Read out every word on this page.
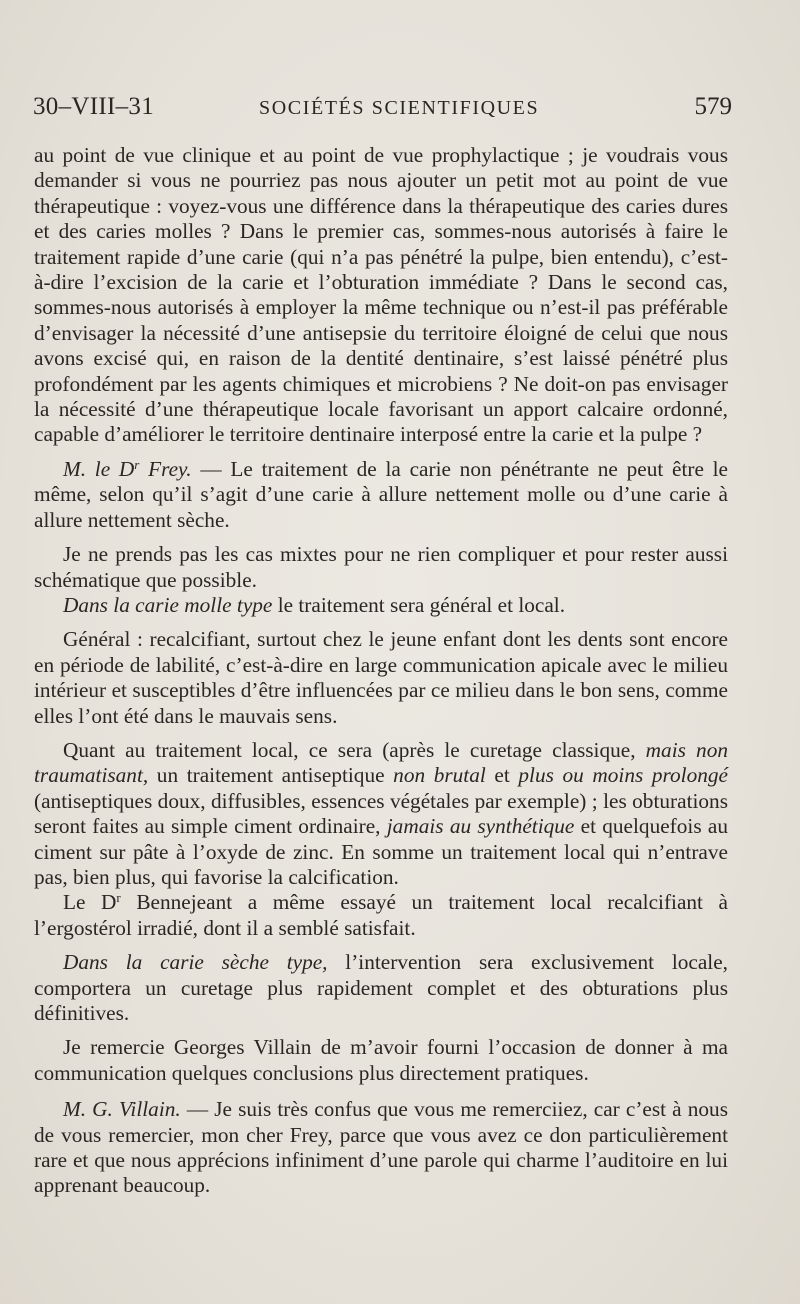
30–VIII–31	SOCIÉTÉS SCIENTIFIQUES	579

au point de vue clinique et au point de vue prophylactique ; je voudrais vous demander si vous ne pourriez pas nous ajouter un petit mot au point de vue thérapeutique : voyez-vous une différence dans la thérapeutique des caries dures et des caries molles ? Dans le premier cas, sommes-nous autorisés à faire le traitement rapide d’une carie (qui n’a pas pénétré la pulpe, bien entendu), c’est-à-dire l’excision de la carie et l’obturation immédiate ? Dans le second cas, sommes-nous autorisés à employer la même technique ou n’est-il pas préférable d’envisager la nécessité d’une antisepsie du territoire éloigné de celui que nous avons excisé qui, en raison de la dentité dentinaire, s’est laissé pénétré plus profondément par les agents chimiques et microbiens ? Ne doit-on pas envisager la nécessité d’une thérapeutique locale favorisant un apport calcaire ordonné, capable d’améliorer le territoire dentinaire interposé entre la carie et la pulpe ?

M. le $D^r$ Frey. — Le traitement de la carie non pénétrante ne peut être le même, selon qu’il s’agit d’une carie à allure nettement molle ou d’une carie à allure nettement sèche.

Je ne prends pas les cas mixtes pour ne rien compliquer et pour rester aussi schématique que possible.

Dans la carie molle type le traitement sera général et local.

Général : recalcifiant, surtout chez le jeune enfant dont les dents sont encore en période de labilité, c’est-à-dire en large communication apicale avec le milieu intérieur et susceptibles d’être influencées par ce milieu dans le bon sens, comme elles l’ont été dans le mauvais sens.

Quant au traitement local, ce sera (après le curetage classique, mais non traumatisant, un traitement antiseptique non brutal et plus ou moins prolongé (antiseptiques doux, diffusibles, essences végétales par exemple) ; les obturations seront faites au simple ciment ordinaire, jamais au synthétique et quelquefois au ciment sur pâte à l’oxyde de zinc. En somme un traitement local qui n’entrave pas, bien plus, qui favorise la calcification.

Le $D^r$ Bennejeant a même essayé un traitement local recalcifiant à l’ergostérol irradié, dont il a semblé satisfait.

Dans la carie sèche type, l’intervention sera exclusivement locale, comportera un curetage plus rapidement complet et des obturations plus définitives.

Je remercie Georges Villain de m’avoir fourni l’occasion de donner à ma communication quelques conclusions plus directement pratiques.

M. G. Villain. — Je suis très confus que vous me remerciiez, car c’est à nous de vous remercier, mon cher Frey, parce que vous avez ce don particulièrement rare et que nous apprécions infiniment d’une parole qui charme l’auditoire en lui apprenant beaucoup.
